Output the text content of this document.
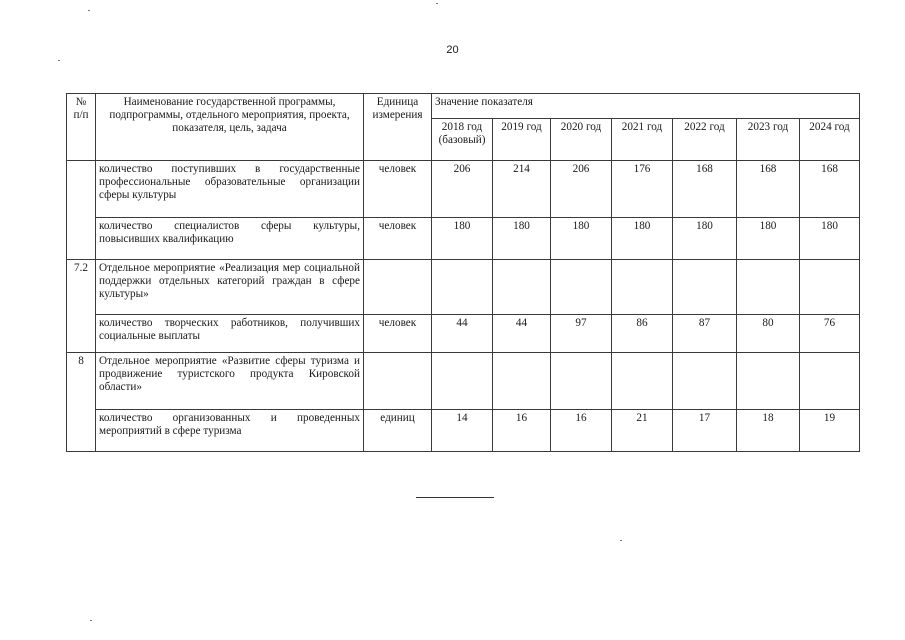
20
№ п/п	Наименование государственной программы, подпрограммы, отдельного мероприятия, проекта, показателя, цель, задача	Единица измерения	Значение показателя						
			2018 год (базовый)	2019 год	2020 год	2021 год	2022 год	2023 год	2024 год
	количество поступивших в государственные профессиональные образовательные организации сферы культуры	человек	206	214	206	176	168	168	168
	количество специалистов сферы культуры, повысивших квалификацию	человек	180	180	180	180	180	180	180
7.2	Отдельное мероприятие «Реализация мер социальной поддержки отдельных категорий граждан в сфере культуры»								
	количество творческих работников, получивших социальные выплаты	человек	44	44	97	86	87	80	76
8	Отдельное мероприятие «Развитие сферы туризма и продвижение туристского продукта Кировской области»								
	количество организованных и проведенных мероприятий в сфере туризма	единиц	14	16	16	21	17	18	19
